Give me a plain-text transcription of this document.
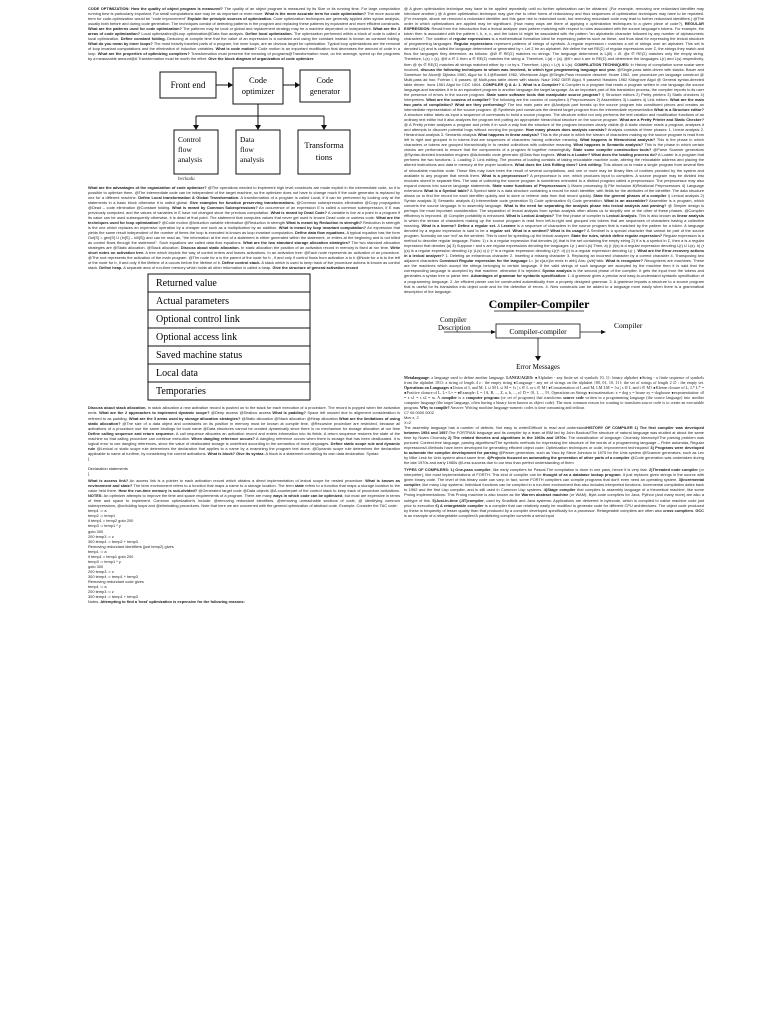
CODE OPTIMIZATION: How the quality of object program is measured? The quality of an object program is measured by its Size or its running time. For large computation running time is particularly important. For small computations size may be as important or even more. What is the more accurate term for code optimization? The more accurate term for code-optimization would be "code improvement" Explain the principle sources of optimization. Code optimization techniques are generally applied after syntax analysis, usually both before and during code generation. The techniques consist of detecting patterns in the program and replacing these patterns by equivalent and more efficient constructs. What are the patterns used for code optimization? The patterns may be local or global and replacement strategy may be a machine dependent or independent. What are the 3 areas of code optimization? Local optimization@Loop optimization@Data flow analysis. Define local optimization. The optimization performed within a block of code is called a local optimization. Define constant folding. Deducing at compile time that the value of an expression is a constant and using the constant instead is known as constant folding. What do you mean by inner loops? The most heavily traveled parts of a program, the inner loops, are an obvious target for optimization. Typical loop optimizations are the removal of loop invariant computations and the elimination of induction variables. What is code motion? Code motion is an important modification that decreases the amount of code in a loop. What are the properties of optimizing compilers? Transformation must preserve the meaning of programs@Transformation must, on the average, speed up the programs by a measurable amount@A Transformation must be worth the effort. Give the block diagram of organization of code optimizer.

Front end	Code
optimizer
Code
generator
Control
flow
analysis
Data
flow
analysis
Transforma
tions
beckadu

What are the advantages of the organization of code optimizer? @The operations needed to implement high level constructs are made explicit in the intermediate code, so it is possible to optimize them. @The intermediate code can be independent of the target machine, so the optimizer does not have to change much if the code generator is replaced by one for a different machine. Define Local transformation & Global Transformation. A transformation of a program is called Local, if it can be performed by looking only at the statements in a basic block otherwise it is called global. Give examples for function preserving transformations. @Common subexpression elimination @Copy propagation @Dead – code elimination @Constant folding. What is meant by Common Subexpressions? An occurrence of an expression E is called a common subexpression, if E was previously computed, and the values of variables in E have not changed since the previous computation. What is meant by Dead Code? A variable is live at a point in a program if its value can be used subsequently otherwise, it is dead at that point. The statement that computes values that never get used is known Dead code or useless code. What are the techniques used for loop optimization? @Code motion @Induction variable elimination @Reduction in strength What is meant by Reduction in strength? Reduction in strength is the one which replaces an expensive operation by a cheaper one such as a multiplication by an addition. What is meant by loop invariant computation? An expression that yields the same result independent of the number of times the loop is executed is known as loop invariant computation. Define data flow equations. A typical equation has the form Out[S] = gen[S] U (In[S] – kill[S]) and can be read as, "the information at the end of a statement is either generated within the statement, or enters at the beginning and is not killed as control flows through the statement". Such equations are called data flow equations. What are the two standard storage allocation strategies? The two standard allocation strategies are @Static allocation. @Stack allocation. Discuss about static allocation. In static allocation the position of an activation record in memory is fixed at run time. Write short notes on activation tree. A tree which depicts the way of control enters and leaves activations. In an activation tree: @Each node represents an activation of an procedure. @The root represents the activation of the main program. @The node for a is the parent of the node for b , if and only if control flows from activation a to b @Node for a is to the left of the node for b, if and only if the lifetime of a occurs before the lifetime of b. Define control stack. A stack which is used to keep track of live procedure actions is known as control stack. Define heap. A separate area of run-time memory which holds all other information is called a heap. Give the structure of general activation record

Returned value
Actual parameters
Optional control link
Optional access link
Saved machine status
Local data
Temporaries

Discuss about stack allocation. In stack allocation a new activation record is pushed on to the stack for each execution of a procedure. The record is popped when the activation ends. What are the 2 approaches to implement dynamic scope? @Deep access @Shallow access What is padding? Space left unused due to alignment consideration is referred to as padding. What are the 3 areas used by storage allocation strategies? @Static allocation @Stack allocation @Heap allocation What are the limitations of using static allocation? @The size of a data object and constraints on its position in memory must be known at compile time. @Recursive procedure are restricted, because all activations of a procedure use the same bindings for local name @Data structures cannot be created dynamically since there is no mechanism for storage allocation at run time Define calling sequence and return sequence. A call sequence allocates an activation record and enters information into its fields. A return sequence restores the state of the machine so that calling procedure can continue execution. When dangling reference occurs? A dangling reference occurs when there is storage that has been deallocated. It is logical error to use dangling references, since the value of deallocated storage is undefined according to the semantics of most languages. Define static scope rule and dynamic rule @Lexical or static scope rule determines the declaration that applies to a name by a examining the program text alone. @Dynamic scope rule determines the declaration applicable to name at runtime, by considering the current activations. What is block? Give its syntax. A block is a statement containing its own data declaration. Syntax:

{

Declaration statements
}

What is access link? An access link is a pointer to each activation record which obtains a direct implementation of lexical scope for nested procedure. What is known as environment and state? The term environment refers to a function that maps a name to a storage location. The term state refers to a function that maps a storage location to the value held there. How the run-time memory is sub-divided? @Generated target code @Data objects @A counterpart of the control stack to keep track of procedure activations. NOTES: An optimizer attempts to improve the time and space requirements of a program. There are many ways in which code can be optimized, but most are expensive in terms of time and space to implement. Common optimization's include: @removing redundant identifiers, @removing unreachable sections of code, @ identifying common subexpressions, @unfolding loops and @eliminating procedures. Note that here we are concerned with the general optimization of abstract code. Example. Consider the TAC code:

temp1 := a
temp2 := temp1
if temp1 = temp2 goto 200
temp3 := temp1 * y
goto 300
200 temp3 := z
300 temp4 := temp2 + temp3
Removing redundant identifiers (just temp2) gives
temp1 := a
if temp1 = temp1 goto 200
temp3 := temp1 * y
goto 300
200 temp3 := z
300 temp4 := temp1 + temp3
Removing redundant code gives
temp1 := a
200 temp3 := z
300 temp4 := temp1 + temp3

Notes. Attempting to find a 'best' optimization is expensive for the following reasons:

@ A given optimization technique may have to be applied repeatedly until no further optimization can be obtained. (For example, removing one redundant identifier may introduce another.) @ A given optimization technique may give rise to other forms of redundancy and thus sequences of optimization techniques may have to be repeated. (For example, above we removed a redundant identifier and this gave rise to redundant code, but removing redundant code may lead to further redundant identifiers.) @The order in which optimizations are applied may be significant. (How many ways are there of applying n optimization techniques to a given piece of code?). REGULAR EXPRESSION: Recall from the introduction that a lexical analyser uses pattern matching with respect to rules associated with the source language's tokens. For example, the token then is associated with the pattern t, h, e, n, and the token id might be associated with the pattern "an alphabetic character followed by any number of alphanumeric characters". The notation of regular expressions is a mathematical formalism ideal for expressing patterns such as these, and thus ideal for expressing the lexical structure of programming languages. Regular expressions represent patterns of strings of symbols. A regular expression r matches a set of strings over an alphabet. This set is denoted L(r) and is called the language determined or generated by r. Let Σ be an alphabet. We define the set RE(Σ) of regular expressions over Σ, the strings they match and thus the languages they determine, as follows: @Ø ∈ RE(Σ) matches no strings. The language determined is L(Ø) = Ø. @ε ∈ RE(Σ) matches only the empty string. Therefore, L(ε) = {ε}. @If a ∈ Σ then a ∈ RE(Σ) matches the string a. Therefore, L(a) = {a}. @If r and s are in RE(Σ) and determine the languages L(r) and L(s) respectively, then @ r|s ∈ RE(Σ) matches all strings matched either by r or by s. Therefore, L(r|s) = L(r) ∪ L(s). COMPILATION TECHNIQUES: In History of compilation some scalar were involved, discuss the following techniques to whom was involved, to which type programming language and year. @Single-pass table-driven with stacks: Bauer and Samelson for Alcor@ Dijkstra 1960, Algol for X-1@Randell 1962, Whetstone Algol @Single-Pass recursive descent: Hoare 1962, one procedure per language construct @ Multi-pass ad hoc: Fortran I, 6 passes. @ Multi-pass table driven with stacks: Naur 1962 GIER Algol, 9 passes// Hawkins 1962 Kidsgrove Algol @ General syntax-directed table driven: Irons 1961 Algol for CDC 1604. COMPILER Q & A: 1. What is a Compiler? A Compiler is a program that reads a program written in one language-the source language-and translates it in to an equivalent program in another language-the target language. As an important part of this translation process, the compiler reports to its user the presence of errors in the source program. State some software tools that manipulate source program? i) Structure editors 2) Pretty printers 3) Static checkers 4) Interpreters. What are the cousins of compiler? The following are the cousins of compilers i) Preprocessors 2) Assemblers 3) Loaders 4) Link editors. What are the main two parts of compilation? What are they performing? The two main parts are @Analysis part breaks up the source program into constituent pieces and creates an intermediate representation of the source program. @ Synthesis part constructs the desired target program from the intermediate representation What is a Structure editor? A structure editor takes as input a sequence of commands to build a source program. The structure editor not only performs the text creation and modification functions of an ordinary text editor but it also analyzes the program text putting an appropriate hierarchical structure on the source program. What are a Pretty Printer and Static Checker? @ A Pretty printer analyses a program and prints it in such a way that the structure of the program becomes clearly visible.@ A static checker reads a program, analyses it and attempts to discover potential bugs without running the program. How many phases does analysis consists? Analysis consists of three phases: 1. Linear analysis 2. Hierarchical analysis 3. Semantic analysis What happens in linear analysis? This is the phase in which the stream of characters making up the source program is read from left to right and grouped in to tokens that are sequences of characters having collective meaning. What happens in Hierarchical analysis? This is the phase in which characters or tokens are grouped hierarchically in to nested collections with collective meaning. What happens in Semantic analysis? This is the phase in which certain checks are performed to ensure that the components of a program fit together meaningfully. State some compiler construction tools? @Parse Scanner generators @Syntax-directed translation engines @Automatic code generator @Data flow engines. What is a Loader? What does the loading process do? A Loader is a program that performs the two functions: 1. Loading 2. Link editing. The process of loading consists of taking relocatable machine code, altering the relocatable address and placing the altered instructions and data in memory at the proper locations. What does the Link Editing does? Link editing: This allows us to make a single program from several files of relocatable machine code. These files may have been the result of several compilations, and one or more may be library files of routines provided by the system and available to any program that needs them. What is a preprocessor? A preprocessor is one, which produces input to compilers. A source program may be divided into modules stored in separate files. The task of collecting the source program is sometimes entrusted to a distinct program called a preprocessor. The preprocessor may also expand macros into source language statements. State some functions of Preprocessors i) Macro processing ii) File inclusion iii)Relational Preprocessors 4) Language extensions What is a Symbol table? A Symbol table is a data structure containing a record for each identifier, with fields for the attributes of the identifier. The data structure allows us to find the record for each identifier quickly and to store or retrieve data from that record quickly. State the general phases of a compiler i) Lexical analysis 2) Syntax analysis 3) Semantic analysis 4) Intermediate code generation 5) Code optimization 6) Code generation. What is an assembler? Assembler is a program, which converts the source language in to assembly language. What is the need for separating the analysis phase into lexical analysis and parsing? @ Simpler design is perhaps the most important consideration. The separation of lexical analysis from syntax analysis often allows us to simplify one or the other of these phases. @Compiler efficiency is improved. @ Compiler portability is enhanced. What is Lexical Analysis? The first phase of compiler is Lexical Analysis. This is also known as linear analysis in which the stream of characters making up the source program is read from left-to-right and grouped into tokens that are sequences of characters having a collective meaning. What is a lexeme? Define a regular set. A Lexeme is a sequence of characters in the source program that is matched by the pattern for a token. A language denoted by a regular expression is said to be a regular set. What is a sentinel? What is its usage? A Sentinel is a special character that cannot be part of the source program. Normally we use 'eof' as the sentinel. This is used for speeding-up the lexical analyzer. State the rules, which define regular expression? Regular expression is a method to describe regular language. Rules: 1) ε is a regular expression that denotes {ε} that is the set containing the empty string 2) If a is a symbol in Σ, then a is a regular expression that denotes {a} 3) Suppose r and s are regular expressions denoting the languages L(r ) and L(s) Then, a) (r )/(s) is a regular expression denoting L(r) U L(s). b) (r )(s) is a regular expression denoting L(r )L(s) c) (r )* is a regular expression denoting L(r)*. d) (r) is a regular expression denoting L(r ). What are the Error-recovery actions in a lexical analyzer? 1. Deleting an extraneous character 2. Inserting a missing character 3. Replacing an incorrect character by a correct character 4. Transposing two adjacent characters Construct Regular expression for the language L= {w ε{a,b}/w ends in abb} Ans: {a/b}*abb. What is recognizer? Recognizers are machines. These are the machines which accept the strings belonging to certain language. If the valid strings of such language are accepted by the machine then it is said that the corresponding language is accepted by that machine, otherwise it is rejected. Syntax analysis is the second phase of the compiler. It gets the input from the tokens and generates a syntax tree or parse tree. Advantages of grammar for syntactic specification: 1. A grammar gives a precise and easy-to-understand syntactic specification of a programming language. 2. An efficient parser can be constructed automatically from a properly designed grammar. 3. A grammar imparts a structure to a source program that is useful for its translation into object code and for the detection of errors. 4. New constructs can be added to a language more easily when there is a grammatical description of the language.

Compiler-Compiler
Compiler
Description	Compiler-compiler
Compiler
Error Messages

Metalanguage: a language used to define another language. LANGUAGES: ●Alphabet - any finite set of symbols {0, 1}: binary alphabet ●String - a finite sequence of symbols from the alphabet 1011: a string of length 4 ε : the empty string ●Language - any set of strings on the alphabet {00, 01, 10, 11}: the set of strings of length 2 ∅ : the empty set. Operations on Languages ●Union of L and M, L ∪ M L ∪ M = {s | s ∈ L or s ∈ M} ●Concatenation of L and M, LM LM = {st | s ∈ L and t ∈ M} ●Kleene closure of L, L* L* = ●Positive closure of L, L+ L+ = ●Example: L = {A, B, ..., Z, a, b, ..., z} D = {0, 1, ..., 9}. Operations on Strings ●concatenation: x = dog y = house xy = doghouse ●exponentiation: s0 = ε s1 = s s2 = ss. A compiler is a computer program (or set of programs) that transforms source code written in a programming language (the source language) into another computer language (the target language, often having a binary form known as object code). The most common reason for wanting to transform source code is to create an executable program. Why to compile? Answer: Writing machine language-numeric codes is time consuming and tedious

C7 06 0000 0002
Mov x, 2
X=2

The assembly language has a number of defects: Not easy to write//Difficult to read and understandHISTORY OF COMPILER 1) The first compiler was developed between 1954 and 1957:The FORTRAN language and its compiler by a team at IBM led by John Backus//The structure of natural language was studied at about the same time by Noam Chomsky 2) The related theories and algorithms in the 1960s and 1970s: The classification of language: Chomsky hierarchy//The parsing problem was pursued: Context-free language, parsing algorithms//The symbolic methods for expressing the structure of the words of a programming language – Finite automata, Regular expressions//-Methods have been developed for generating efficient object code: Optimization techniques or code, improvement techniques// 3) Programs were developed to automate the complier development for parsing @Parser generators, such as Yacc by Steve Johnson in 1975 for the Unix system @Scanner generators, such as Lex by Mike Lesk for Unix system about same time. 4)Projects focused on automating the generation of other parts of a compiler @Code generation was undertaken during the late 1970s and early 1980s @Less success due to our less than perfect understanding of them

TYPES OF COMPILERS: 1) One-pass compiler, like early compilers for Pascal:The compilation is done in one pass, hence it is very fast. 2)Threaded code compiler (or interpreter), like most implementations of FORTH: This kind of compiler can be thought of as a database lookup program. It just replaces given strings in the source with given binary code. The level of this binary code can vary; in fact, some FORTH compilers can compile programs that don't even need an operating system. 3)Incremental compiler, like many Lisp systems: Individual functions can be compiled in a run-time environment that also includes interpreted functions. Incremental compilation dates back to 1962 and the first Lisp compiler, and is still used in Common Lisp systems. 4)Stage compiler that compiles to assembly language of a theoretical machine, like some Prolog implementations: This Prolog machine is also known as the Warren abstract machine (or WAM). Byte-code compilers for Java, Python (and many more) are also a subtype of this. 5)Just-in-time (JIT)compiler, used by Smalltalk and Java systems: Applications are delivered in bytecode, which is compiled to native machine code just prior to execution 6) A retargetable compiler is a compiler that can relatively easily be modified to generate code for different CPU architectures. The object code produced by these is frequently of lesser quality than that produced by a compiler developed specifically for a processor. Retargetable compilers are often also cross compilers. GCC is an example of a retargetable compiler//A parallelizing compiler converts a serial input
